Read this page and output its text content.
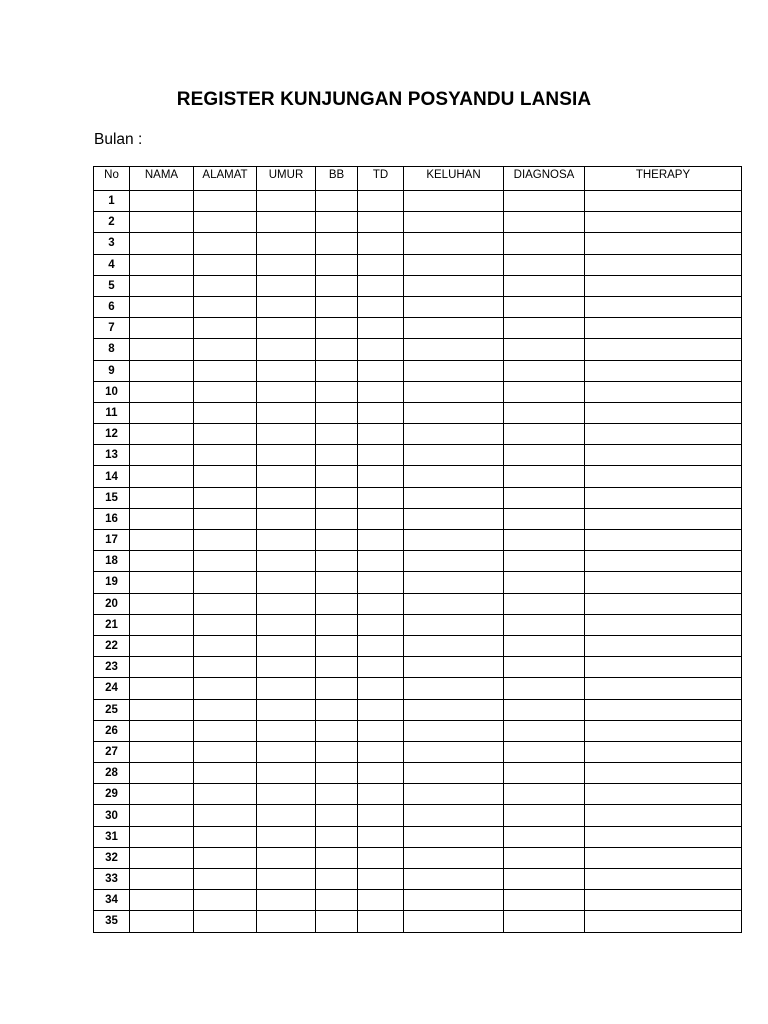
REGISTER KUNJUNGAN POSYANDU LANSIA
Bulan :
No	NAMA	ALAMAT	UMUR	BB	TD	KELUHAN	DIAGNOSA	THERAPY
1								
2								
3								
4								
5								
6								
7								
8								
9								
10								
11								
12								
13								
14								
15								
16								
17								
18								
19								
20								
21								
22								
23								
24								
25								
26								
27								
28								
29								
30								
31								
32								
33								
34								
35								
